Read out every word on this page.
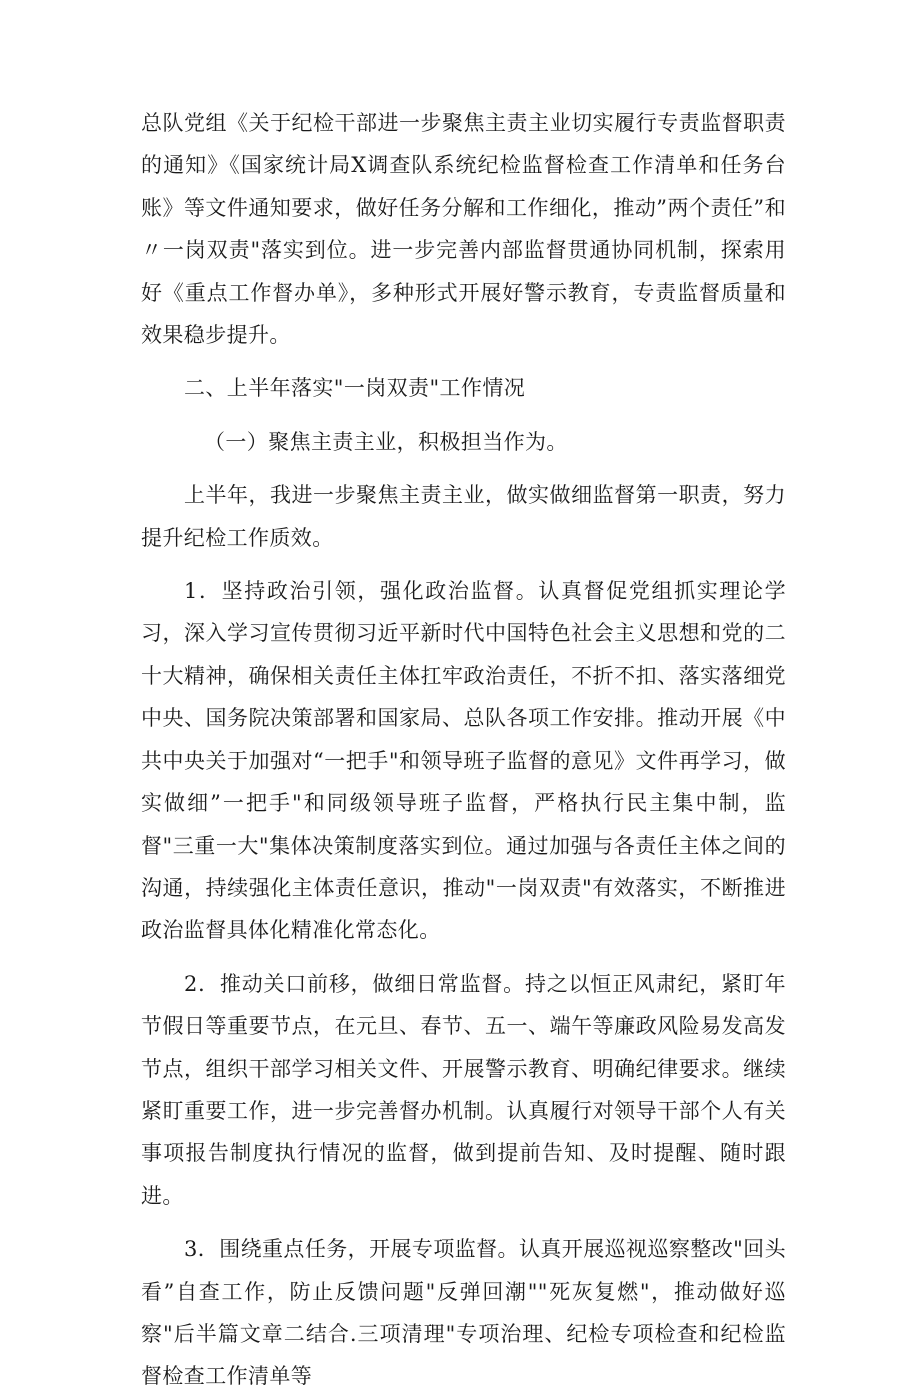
总队党组《关于纪检干部进一步聚焦主责主业切实履行专责监督职责的通知》《国家统计局X调查队系统纪检监督检查工作清单和任务台账》等文件通知要求，做好任务分解和工作细化，推动”两个责任”和〃一岗双责"落实到位。进一步完善内部监督贯通协同机制，探索用好《重点工作督办单》，多种形式开展好警示教育，专责监督质量和效果稳步提升。

二、上半年落实"一岗双责"工作情况

（一）聚焦主责主业，积极担当作为。

上半年，我进一步聚焦主责主业，做实做细监督第一职责，努力提升纪检工作质效。

1．坚持政治引领，强化政治监督。认真督促党组抓实理论学习，深入学习宣传贯彻习近平新时代中国特色社会主义思想和党的二十大精神，确保相关责任主体扛牢政治责任，不折不扣、落实落细党中央、国务院决策部署和国家局、总队各项工作安排。推动开展《中共中央关于加强对“一把手"和领导班子监督的意见》文件再学习，做实做细”一把手"和同级领导班子监督，严格执行民主集中制，监督"三重一大"集体决策制度落实到位。通过加强与各责任主体之间的沟通，持续强化主体责任意识，推动"一岗双责"有效落实，不断推进政治监督具体化精准化常态化。

2．推动关口前移，做细日常监督。持之以恒正风肃纪，紧盯年节假日等重要节点，在元旦、春节、五一、端午等廉政风险易发高发节点，组织干部学习相关文件、开展警示教育、明确纪律要求。继续紧盯重要工作，进一步完善督办机制。认真履行对领导干部个人有关事项报告制度执行情况的监督，做到提前告知、及时提醒、随时跟进。

3．围绕重点任务，开展专项监督。认真开展巡视巡察整改"回头看”自查工作，防止反馈问题"反弹回潮""死灰复燃"，推动做好巡察"后半篇文章二结合.三项清理"专项治理、纪检专项检查和纪检监督检查工作清单等
